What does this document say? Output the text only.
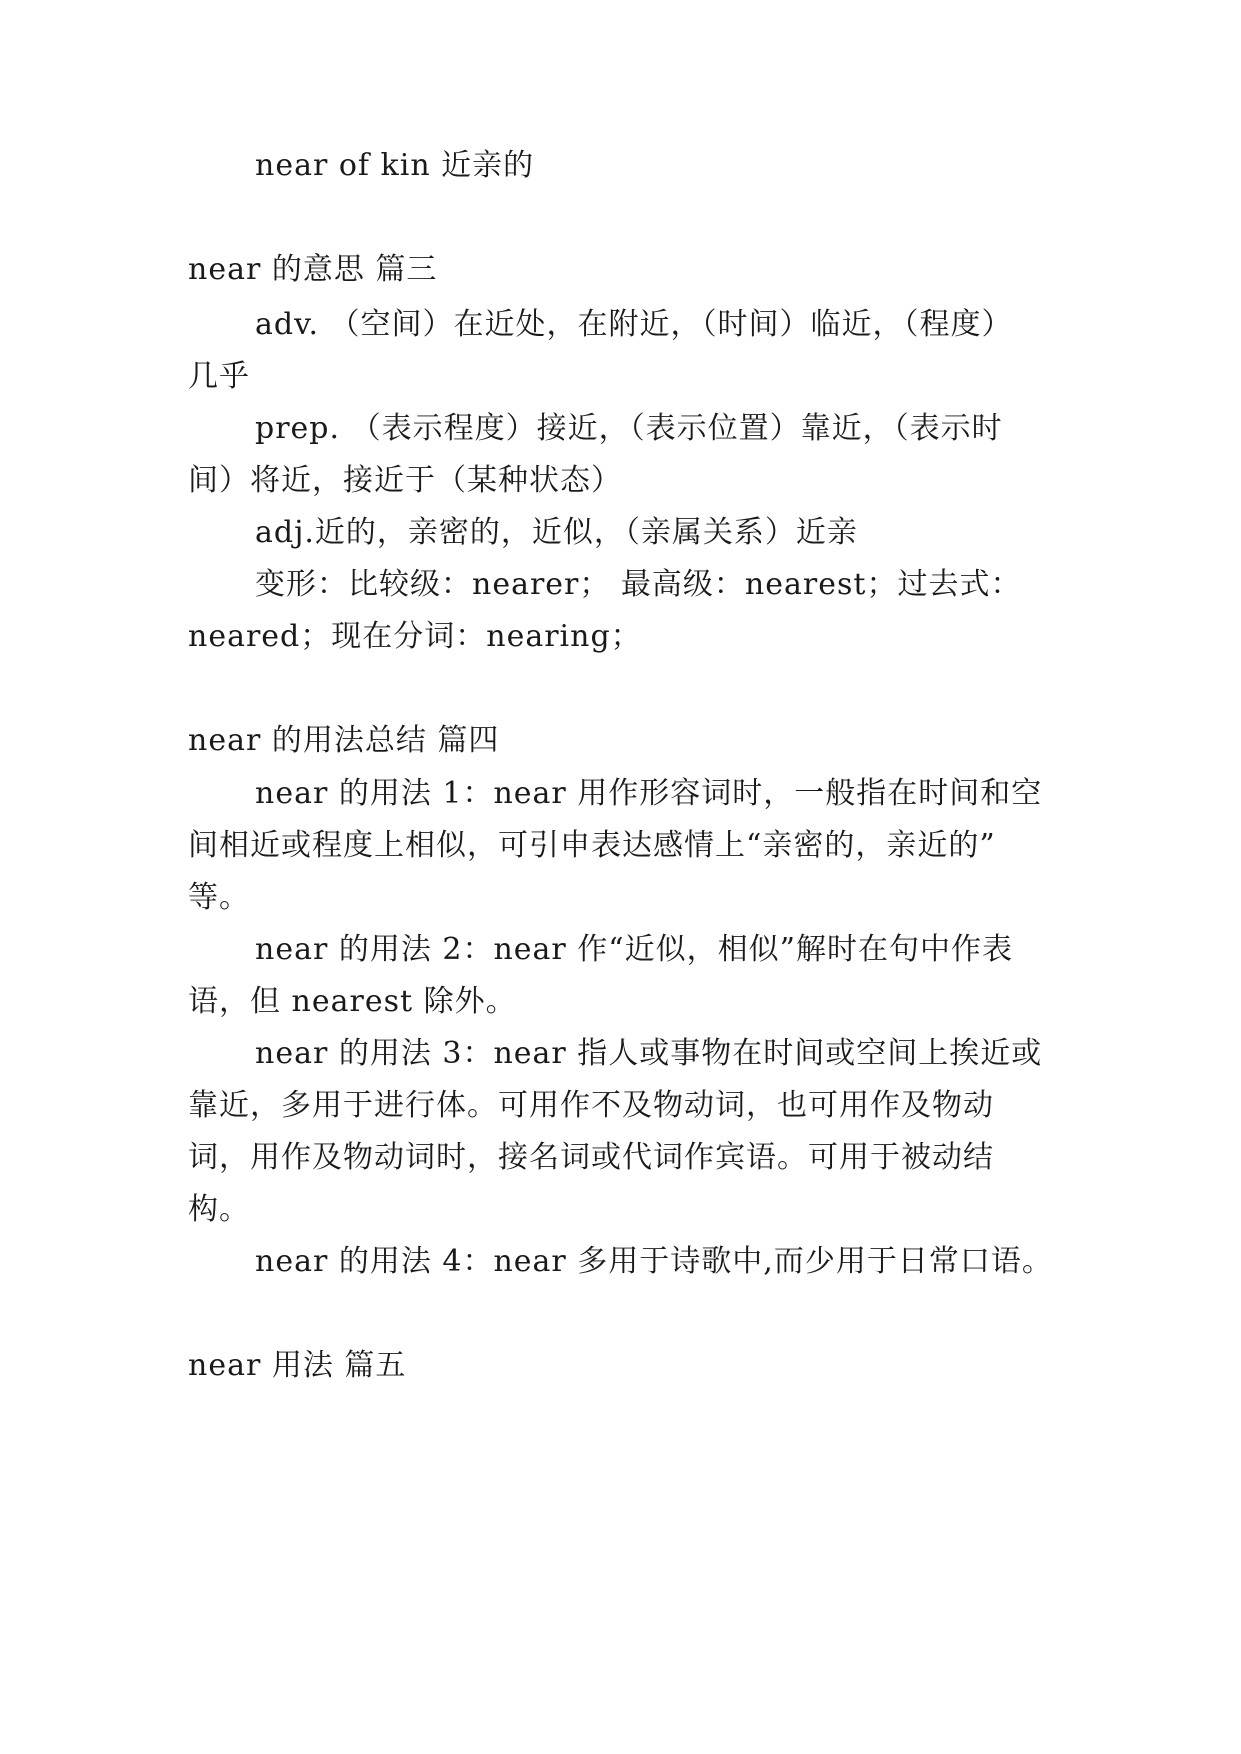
near of kin 近亲的
near 的意思 篇三
adv. （空间）在近处，在附近，（时间）临近，（程度）
几乎
prep. （表示程度）接近，（表示位置）靠近，（表示时
间）将近，接近于（某种状态）
adj.近的，亲密的，近似，（亲属关系）近亲
变形：比较级：nearer； 最高级：nearest；过去式：
neared；现在分词：nearing；
near 的用法总结 篇四
near 的用法 1：near 用作形容词时，一般指在时间和空
间相近或程度上相似，可引申表达感情上“亲密的，亲近的”
等。
near 的用法 2：near 作“近似，相似”解时在句中作表
语，但 nearest 除外。
near 的用法 3：near 指人或事物在时间或空间上挨近或
靠近，多用于进行体。可用作不及物动词，也可用作及物动
词，用作及物动词时，接名词或代词作宾语。可用于被动结
构。
near 的用法 4：near 多用于诗歌中,而少用于日常口语。
near 用法 篇五
